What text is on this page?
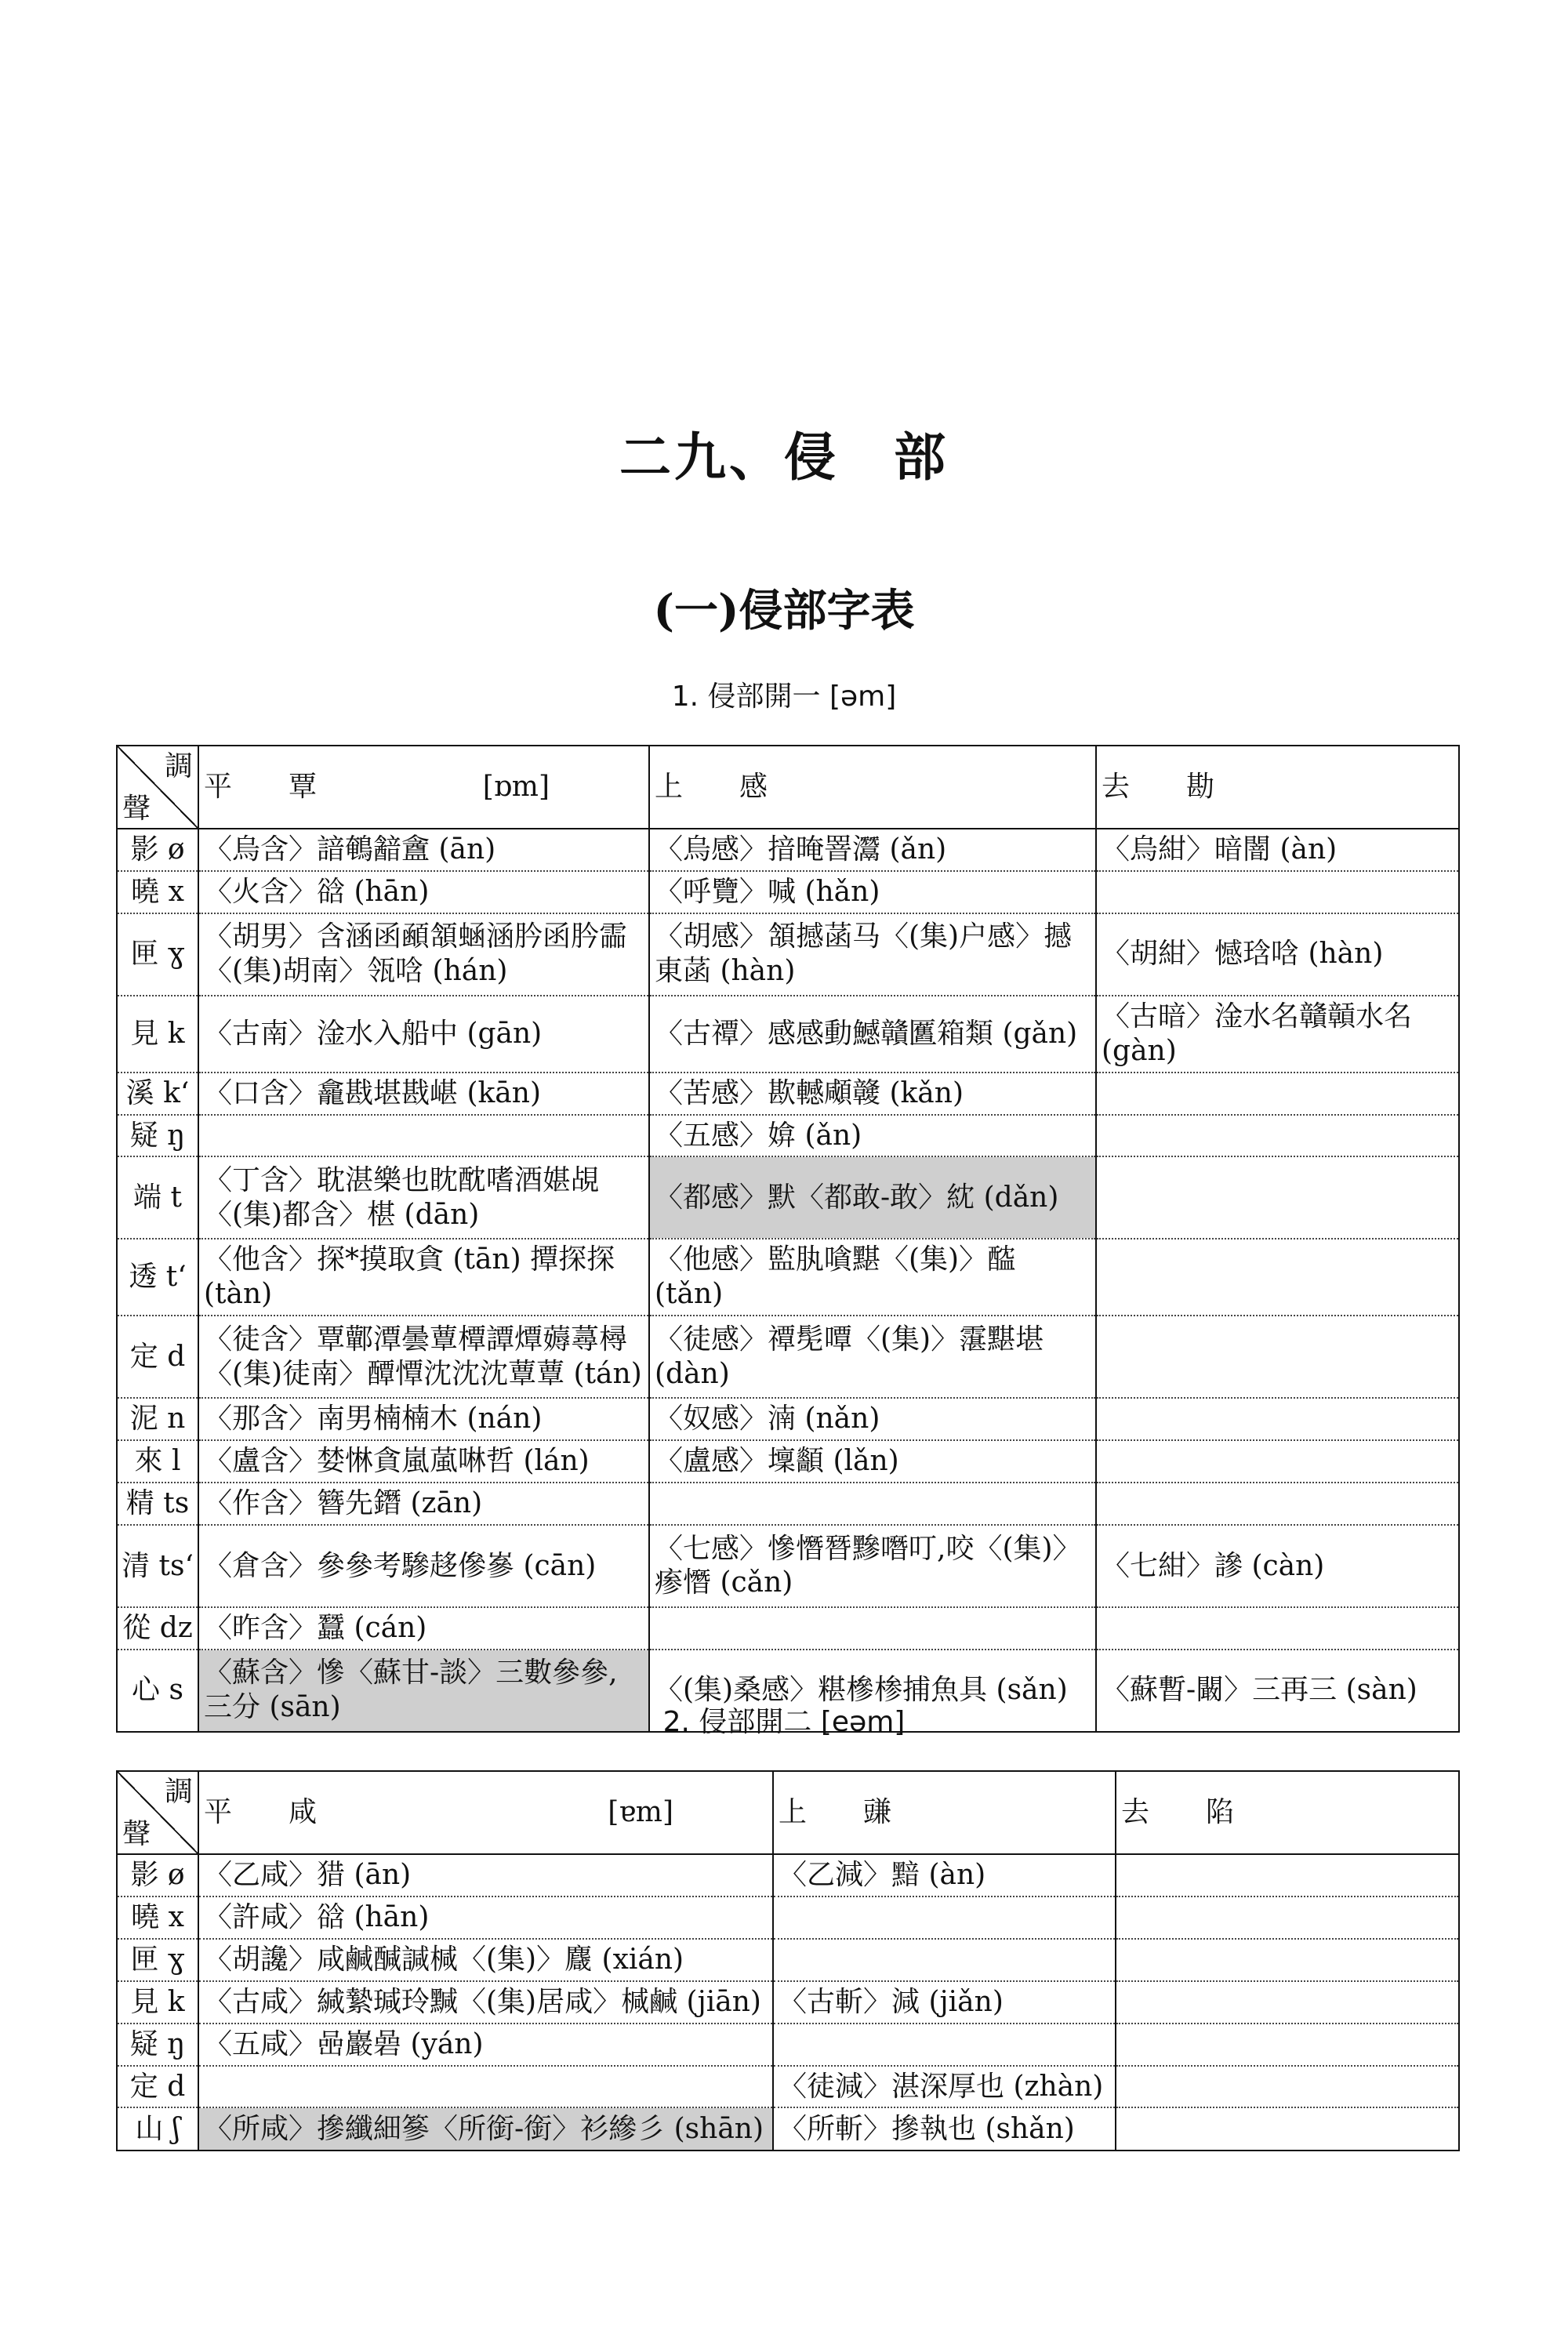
二九、侵　部
(一)侵部字表
1. 侵部開一 [əm]
調
聲	平　　覃 [ɒm]	上　　感	去　　勘
影 ø	〈烏含〉諳鵪韽盦 (ān)	〈烏感〉揞晻罯灊 (ǎn)	〈烏紺〉暗闇 (àn)
曉 x	〈火含〉谽 (hān)	〈呼覽〉喊 (hǎn)	
匣 ɣ	〈胡男〉含涵函顄頷蜬涵肣函肣霝〈(集)胡南〉瓴唅 (hán)	〈胡感〉頷撼菡马〈(集)户感〉撼東菡 (hàn)	〈胡紺〉憾琀唅 (hàn)
見 k	〈古南〉淦水入船中 (gān)	〈古禫〉感感動鱤贛匶箱類 (gǎn)	〈古暗〉淦水名贛贑水名 (gàn)
溪 k‘	〈口含〉龕戡堪戡嵁 (kān)	〈苦感〉歁轗顑竷 (kǎn)	
疑 ŋ		〈五感〉媕 (ǎn)	
端 t	〈丁含〉耽湛樂也眈酖嗜酒媅覘〈(集)都含〉椹 (dān)	〈都感〉默〈都敢-敢〉紞 (dǎn)	
透 t‘	〈他含〉探*摸取貪 (tān) 撢探探 (tàn)	〈他感〉監肒嗿黮〈(集)〉醓 (tǎn)	
定 d	〈徒含〉覃鄿潭曇蕈橝譚燂薅蕁樳〈(集)徒南〉醰憛沈沈沈蕈蕈 (tán)	〈徒感〉禫髧嘾〈(集)〉霮黮堪 (dàn)	
泥 n	〈那含〉南男楠楠木 (nán)	〈奴感〉湳 (nǎn)	
來 l	〈盧含〉婪惏貪嵐葻啉哲 (lán)	〈盧感〉壈顲 (lǎn)	
精 ts	〈作含〉簪先鐕 (zān)		
清 ts‘	〈倉含〉參參考驂趍傪嵾 (cān)	〈七感〉慘憯朁黲噆叮,咬〈(集)〉瘆憯 (cǎn)	〈七紺〉謲 (càn)
從 dz	〈昨含〉蠶 (cán)		
心 s	〈蘇含〉慘〈蘇甘-談〉三數參參,三分 (sān)	〈(集)桑感〉糂槮椮捕魚具 (sǎn)	〈蘇暫-闞〉三再三 (sàn)
2. 侵部開二 [eəm]
調
聲	平　　咸 [ɐm]	上　　豏	去　　陷
影 ø	〈乙咸〉猎 (ān)	〈乙減〉黯 (àn)	
曉 x	〈許咸〉谽 (hān)		
匣 ɣ	〈胡讒〉咸鹹醎諴椷〈(集)〉麙 (xián)		
見 k	〈古咸〉緘縶瑊玲黬〈(集)居咸〉椷鹹 (jiān)	〈古斬〉減 (jiǎn)	
疑 ŋ	〈五咸〉喦巖碞 (yán)		
定 d		〈徒減〉湛深厚也 (zhàn)	
山 ʃ	〈所咸〉摻纖細篸〈所銜-銜〉衫縿彡 (shān)	〈所斬〉摻執也 (shǎn)	
